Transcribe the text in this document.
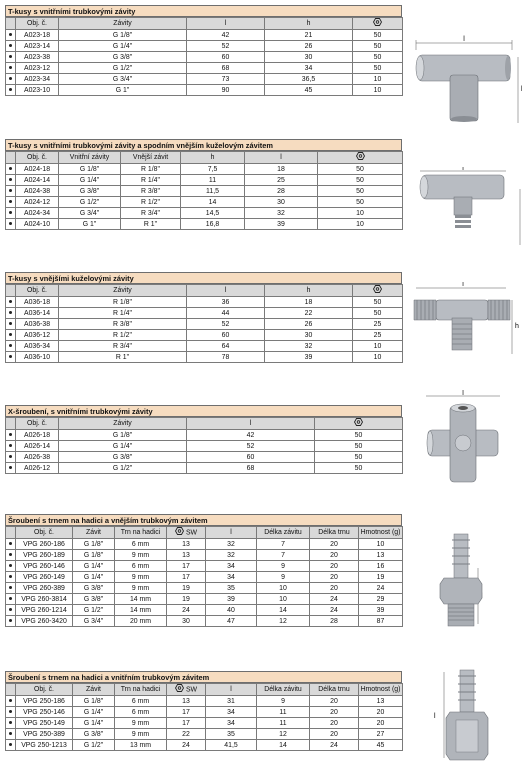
T-kusy s vnitřními trubkovými závity
	Obj. č.	Závity	l	h	
	A023-18	G 1/8"	42	21	50
	A023-14	G 1/4"	52	26	50
	A023-38	G 3/8"	60	30	50
	A023-12	G 1/2"	68	34	50
	A023-34	G 3/4"	73	36,5	10
	A023-10	G 1"	90	45	10
l
T-kusy s vnitřními trubkovými závity a spodním vnějším kuželovým závitem
	Obj. č.	Vnitřní závity	Vnější závit	h	l	
	A024-18	G 1/8"	R 1/8"	7,5	18	50
	A024-14	G 1/4"	R 1/4"	11	25	50
	A024-38	G 3/8"	R 3/8"	11,5	28	50
	A024-12	G 1/2"	R 1/2"	14	30	50
	A024-34	G 3/4"	R 3/4"	14,5	32	10
	A024-10	G 1"	R 1"	16,8	39	10
l
T-kusy s vnějšími kuželovými závity
	Obj. č.	Závity	l	h	
	A036-18	R 1/8"	36	18	50
	A036-14	R 1/4"	44	22	50
	A036-38	R 3/8"	52	26	25
	A036-12	R 1/2"	60	30	25
	A036-34	R 3/4"	64	32	10
	A036-10	R 1"	78	39	10
l
h
X-šroubení, s vnitřními trubkovými závity
	Obj. č.	Závity	l	
	A026-18	G 1/8"	42	50
	A026-14	G 1/4"	52	50
	A026-38	G 3/8"	60	50
	A026-12	G 1/2"	68	50
l
Šroubení s trnem na hadici a vnějším trubkovým závitem
	Obj. č.	Závit	Trn na hadici	SW	l	Délka závitu	Délka trnu	Hmotnost (g)
	VPG 260-186	G 1/8"	6 mm	13	32	7	20	10
	VPG 260-189	G 1/8"	9 mm	13	32	7	20	13
	VPG 260-146	G 1/4"	6 mm	17	34	9	20	16
	VPG 260-149	G 1/4"	9 mm	17	34	9	20	19
	VPG 260-389	G 3/8"	9 mm	19	35	10	20	24
	VPG 260-3814	G 3/8"	14 mm	19	39	10	24	29
	VPG 260-1214	G 1/2"	14 mm	24	40	14	24	39
	VPG 260-3420	G 3/4"	20 mm	30	47	12	28	87
Šroubení s trnem na hadici a vnitřním trubkovým závitem
	Obj. č.	Závit	Trn na hadici	SW	l	Délka závitu	Délka trnu	Hmotnost (g)
	VPG 250-186	G 1/8"	6 mm	13	31	9	20	13
	VPG 250-146	G 1/4"	6 mm	17	34	11	20	20
	VPG 250-149	G 1/4"	9 mm	17	34	11	20	20
	VPG 250-389	G 3/8"	9 mm	22	35	12	20	27
	VPG 250-1213	G 1/2"	13 mm	24	41,5	14	24	45
l
